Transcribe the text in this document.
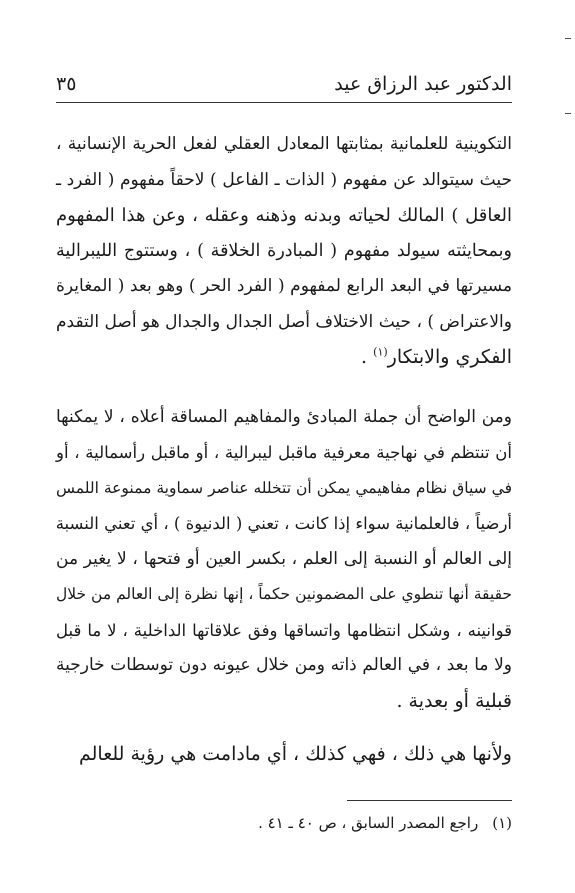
الدكتور عبد الرزاق عيد
٣٥

التكوينية للعلمانية بمثابتها المعادل العقلي لفعل الحرية الإنسانية ،
حيث سيتوالد عن مفهوم ( الذات ـ الفاعل ) لاحقاً مفهوم ( الفرد ـ
العاقل ) المالك لحياته وبدنه وذهنه وعقله ، وعن هذا المفهوم
وبمحايثته سيولد مفهوم ( المبادرة الخلاقة ) ، وستتوج الليبرالية
مسيرتها في البعد الرابع لمفهوم ( الفرد الحر ) وهو بعد ( المغايرة
والاعتراض ) ، حيث الاختلاف أصل الجدال والجدال هو أصل التقدم
الفكري والابتكار$^{(١)}$ .

ومن الواضح أن جملة المبادئ والمفاهيم المساقة أعلاه ، لا يمكنها
أن تنتظم في نهاجية معرفية ماقبل ليبرالية ، أو ماقبل رأسمالية ، أو
في سياق نظام مفاهيمي يمكن أن تتخلله عناصر سماوية ممنوعة اللمس
أرضياً ، فالعلمانية سواء إذا كانت ، تعني ( الدنيوة ) ، أي تعني النسبة
إلى العالم أو النسبة إلى العلم ، بكسر العين أو فتحها ، لا يغير من
حقيقة أنها تنطوي على المضمونين حكماً ، إنها نظرة إلى العالم من خلال
قوانينه ، وشكل انتظامها واتساقها وفق علاقاتها الداخلية ، لا ما قبل
ولا ما بعد ، في العالم ذاته ومن خلال عيونه دون توسطات خارجية
قبلية أو بعدية .

ولأنها هي ذلك ، فهي كذلك ، أي مادامت هي رؤية للعالم

(١)راجع المصدر السابق ، ص ٤٠ ـ ٤١ .
